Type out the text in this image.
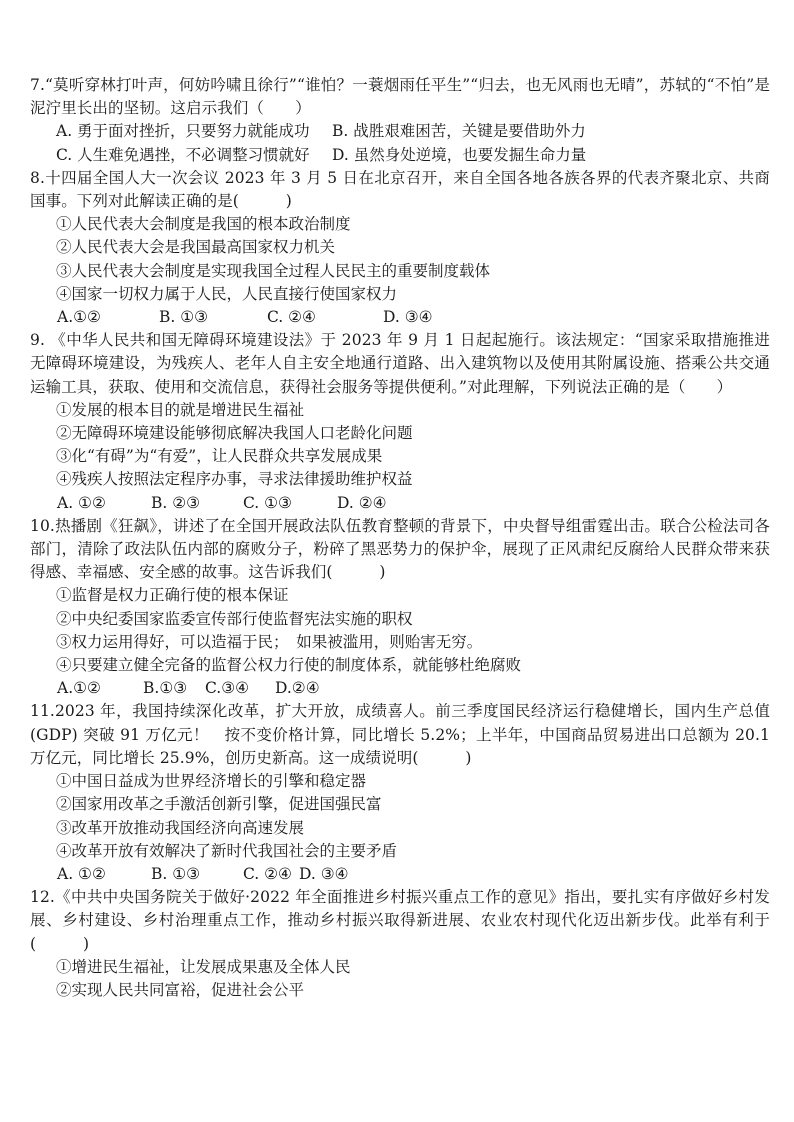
7.“莫听穿林打叶声，何妨吟啸且徐行”“谁怕？一蓑烟雨任平生”“归去，也无风雨也无晴”，苏轼的“不怕”是泥泞里长出的坚韧。这启示我们（　　）

A. 勇于面对挫折，只要努力就能成功 B. 战胜艰难困苦，关键是要借助外力
C. 人生难免遇挫，不必调整习惯就好 D. 虽然身处逆境，也要发掘生命力量

8.十四届全国人大一次会议 2023 年 3 月 5 日在北京召开，来自全国各地各族各界的代表齐聚北京、共商国事。下列对此解读正确的是(　　　)

①人民代表大会制度是我国的根本政治制度
②人民代表大会是我国最高国家权力机关
③人民代表大会制度是实现我国全过程人民民主的重要制度载体
④国家一切权力属于人民，人民直接行使国家权力
A.①②	B. ①③	C. ②④	D. ③④

9. 《中华人民共和国无障碍环境建设法》于 2023 年 9 月 1 日起起施行。该法规定：“国家采取措施推进无障碍环境建设，为残疾人、老年人自主安全地通行道路、出入建筑物以及使用其附属设施、搭乘公共交通运输工具，获取、使用和交流信息，获得社会服务等提供便利。”对此理解，下列说法正确的是（　　）

①发展的根本目的就是增进民生福祉
②无障碍环境建设能够彻底解决我国人口老龄化问题
③化“有碍”为“有爱”，让人民群众共享发展成果
④残疾人按照法定程序办事，寻求法律援助维护权益
A. ①②	B. ②③	C. ①③	D. ②④

10.热播剧《狂飙》，讲述了在全国开展政法队伍教育整顿的背景下，中央督导组雷霆出击。联合公检法司各部门，清除了政法队伍内部的腐败分子，粉碎了黑恶势力的保护伞，展现了正风肃纪反腐给人民群众带来获得感、幸福感、安全感的故事。这告诉我们(　　　)

①监督是权力正确行使的根本保证
②中央纪委国家监委宣传部行使监督宪法实施的职权
③权力运用得好，可以造福于民；　如果被滥用，则贻害无穷。
④只要建立健全完备的监督公权力行使的制度体系，就能够杜绝腐败
A.①②	B.①③ C.③④ D.②④

11.2023 年，我国持续深化改革，扩大开放，成绩喜人。前三季度国民经济运行稳健增长，国内生产总值(GDP) 突破 91 万亿元！　按不变价格计算，同比增长 5.2%；上半年，中国商品贸易进出口总额为 20.1 万亿元，同比增长 25.9%，创历史新高。这一成绩说明(　　　)

①中国日益成为世界经济增长的引擎和稳定器
②国家用改革之手激活创新引擎，促进国强民富
③改革开放推动我国经济向高速发展
④改革开放有效解决了新时代我国社会的主要矛盾
A. ①②	B. ①③	C. ②④ D. ③④

12.《中共中央国务院关于做好·2022 年全面推进乡村振兴重点工作的意见》指出，要扎实有序做好乡村发展、乡村建设、乡村治理重点工作，推动乡村振兴取得新进展、农业农村现代化迈出新步伐。此举有利于(　　　)

①增进民生福祉，让发展成果惠及全体人民
②实现人民共同富裕，促进社会公平
